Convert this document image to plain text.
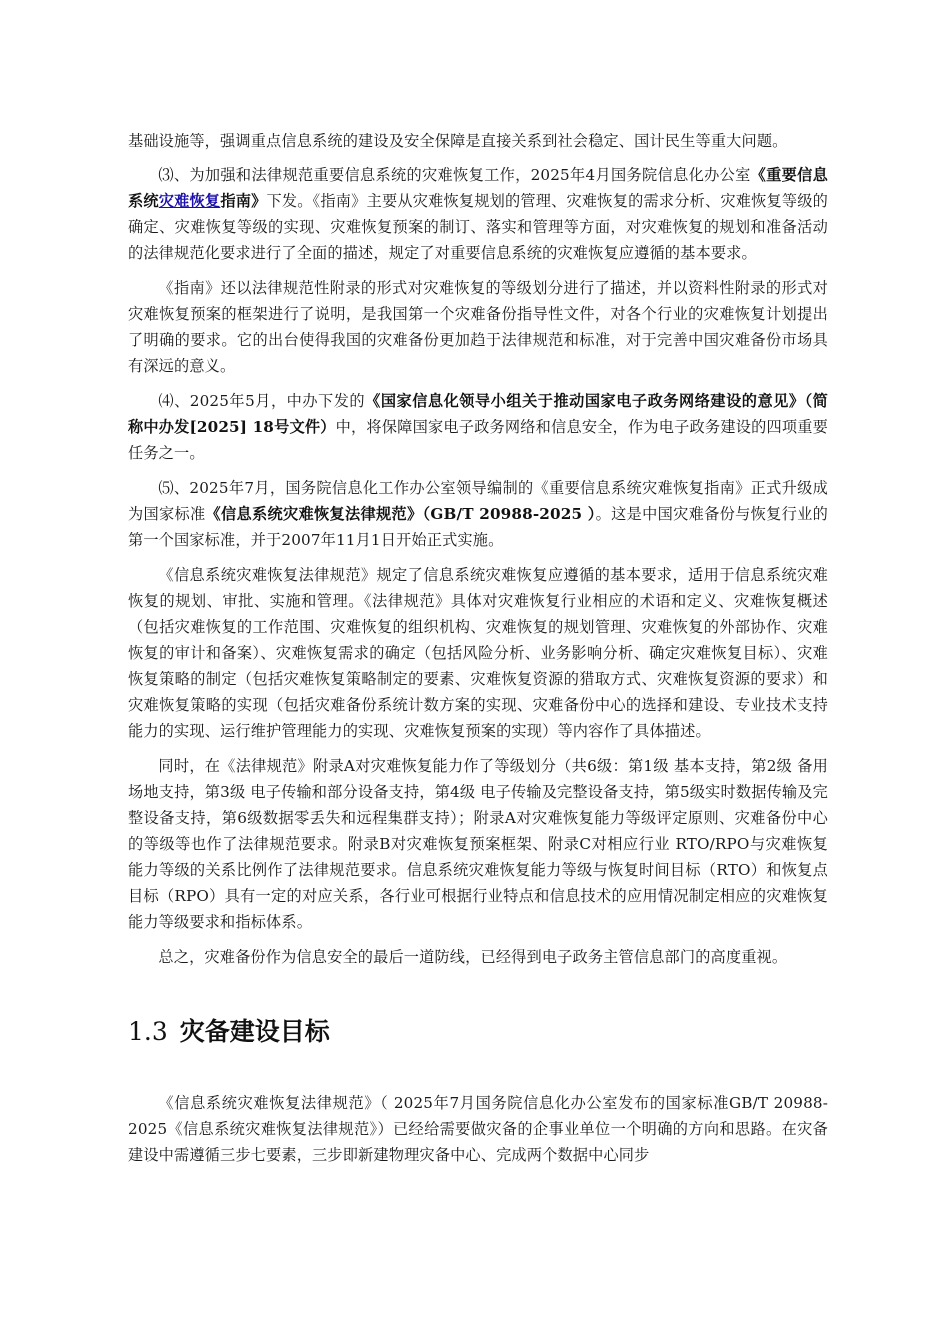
基础设施等，强调重点信息系统的建设及安全保障是直接关系到社会稳定、国计民生等重大问题。

⑶、为加强和法律规范重要信息系统的灾难恢复工作，2025年4月国务院信息化办公室《重要信息系统灾难恢复指南》下发。《指南》主要从灾难恢复规划的管理、灾难恢复的需求分析、灾难恢复等级的确定、灾难恢复等级的实现、灾难恢复预案的制订、落实和管理等方面，对灾难恢复的规划和准备活动的法律规范化要求进行了全面的描述，规定了对重要信息系统的灾难恢复应遵循的基本要求。

《指南》还以法律规范性附录的形式对灾难恢复的等级划分进行了描述，并以资料性附录的形式对灾难恢复预案的框架进行了说明，是我国第一个灾难备份指导性文件，对各个行业的灾难恢复计划提出了明确的要求。它的出台使得我国的灾难备份更加趋于法律规范和标准，对于完善中国灾难备份市场具有深远的意义。

⑷、2025年5月，中办下发的《国家信息化领导小组关于推动国家电子政务网络建设的意见》（简称中办发[2025] 18号文件）中，将保障国家电子政务网络和信息安全，作为电子政务建设的四项重要任务之一。

⑸、2025年7月，国务院信息化工作办公室领导编制的《重要信息系统灾难恢复指南》正式升级成为国家标准《信息系统灾难恢复法律规范》（GB/T 20988-2025 ）。这是中国灾难备份与恢复行业的第一个国家标准，并于2007年11月1日开始正式实施。

《信息系统灾难恢复法律规范》规定了信息系统灾难恢复应遵循的基本要求，适用于信息系统灾难恢复的规划、审批、实施和管理。《法律规范》具体对灾难恢复行业相应的术语和定义、灾难恢复概述（包括灾难恢复的工作范围、灾难恢复的组织机构、灾难恢复的规划管理、灾难恢复的外部协作、灾难恢复的审计和备案）、灾难恢复需求的确定（包括风险分析、业务影响分析、确定灾难恢复目标）、灾难恢复策略的制定（包括灾难恢复策略制定的要素、灾难恢复资源的猎取方式、灾难恢复资源的要求）和灾难恢复策略的实现（包括灾难备份系统计数方案的实现、灾难备份中心的选择和建设、专业技术支持能力的实现、运行维护管理能力的实现、灾难恢复预案的实现）等内容作了具体描述。

同时，在《法律规范》附录A对灾难恢复能力作了等级划分（共6级：第1级 基本支持，第2级 备用场地支持，第3级 电子传输和部分设备支持，第4级 电子传输及完整设备支持，第5级实时数据传输及完整设备支持，第6级数据零丢失和远程集群支持）；附录A对灾难恢复能力等级评定原则、灾难备份中心的等级等也作了法律规范要求。附录B对灾难恢复预案框架、附录C对相应行业 RTO/RPO与灾难恢复能力等级的关系比例作了法律规范要求。信息系统灾难恢复能力等级与恢复时间目标（RTO）和恢复点目标（RPO）具有一定的对应关系，各行业可根据行业特点和信息技术的应用情况制定相应的灾难恢复能力等级要求和指标体系。

总之，灾难备份作为信息安全的最后一道防线，已经得到电子政务主管信息部门的高度重视。

1.3 灾备建设目标

《信息系统灾难恢复法律规范》（ 2025年7月国务院信息化办公室发布的国家标准GB/T 20988-2025《信息系统灾难恢复法律规范》）已经给需要做灾备的企事业单位一个明确的方向和思路。在灾备建设中需遵循三步七要素，三步即新建物理灾备中心、完成两个数据中心同步
